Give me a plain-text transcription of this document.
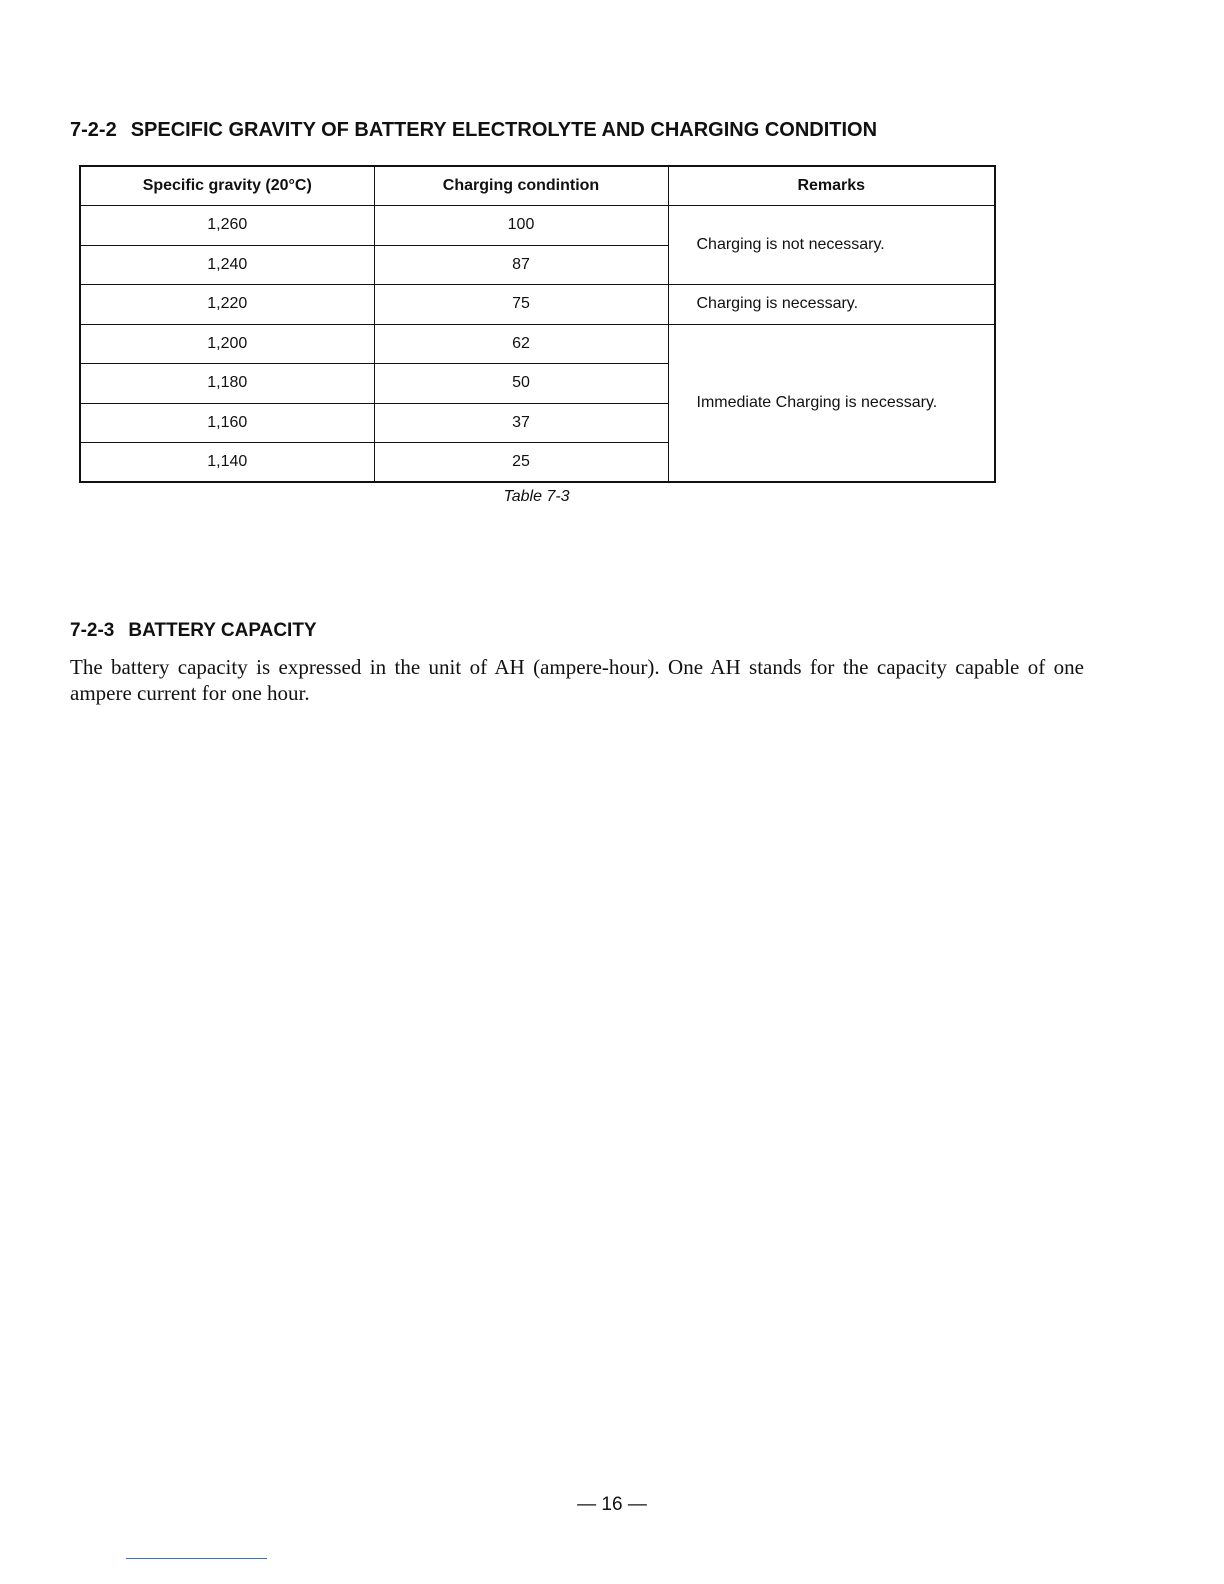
7-2-2 SPECIFIC GRAVITY OF BATTERY ELECTROLYTE AND CHARGING CONDITION
Specific gravity (20°C)	Charging condintion	Remarks
1,260	100	Charging is not necessary.
1,240	87	
1,220	75	Charging is necessary.
1,200	62	Immediate Charging is necessary.
1,180	50	
1,160	37	
1,140	25	
Table 7-3
7-2-3 BATTERY CAPACITY

The battery capacity is expressed in the unit of AH (ampere-hour). One AH stands for the capacity capable of one ampere current for one hour.

— 16 —
